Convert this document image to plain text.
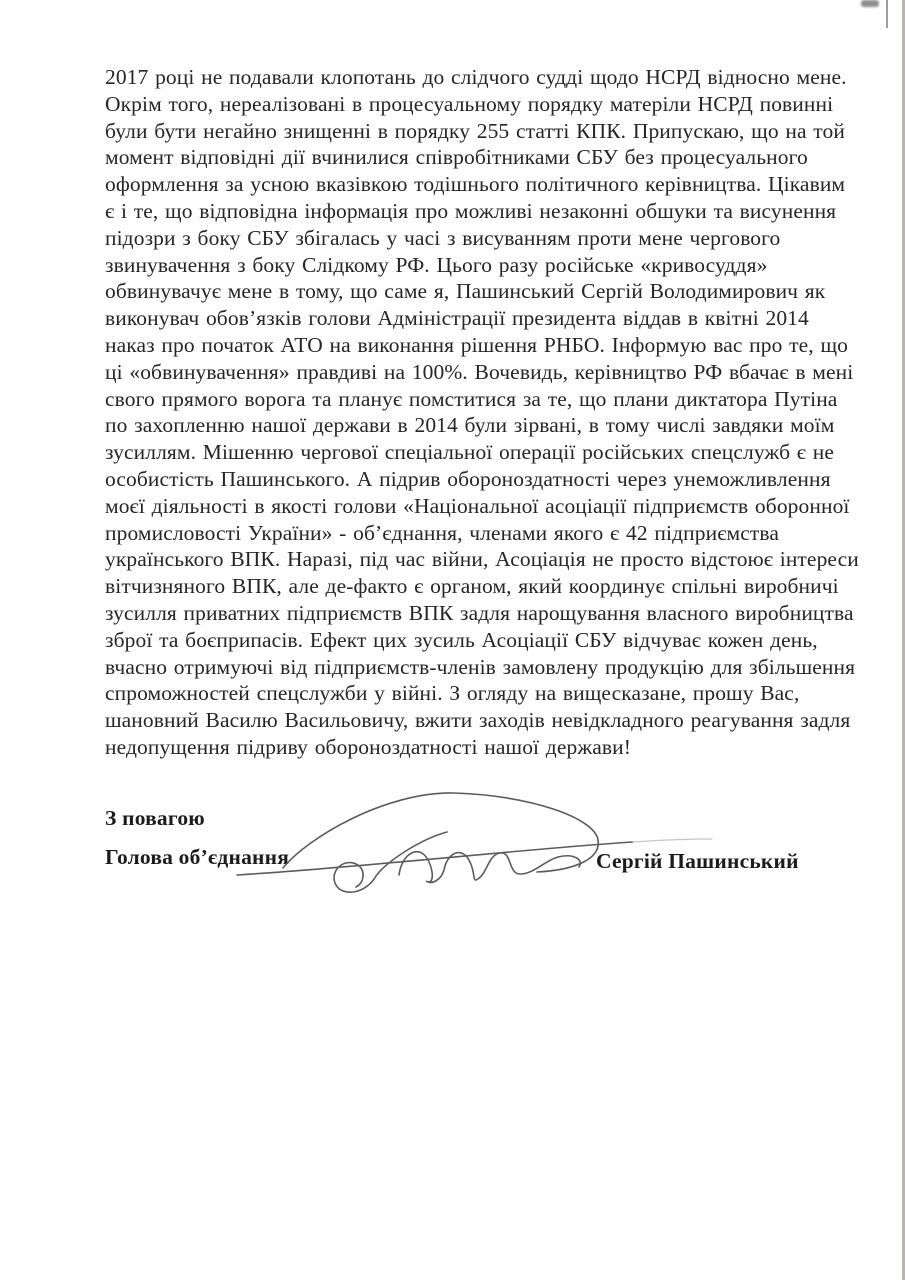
2017 році не подавали клопотань до слідчого судді щодо НСРД відносно мене.
Окрім того, нереалізовані в процесуальному порядку матеріли НСРД повинні
були бути негайно знищенні в порядку 255 статті КПК. Припускаю, що на той
момент відповідні дії вчинилися співробітниками СБУ без процесуального
оформлення за усною вказівкою тодішнього політичного керівництва. Цікавим
є і те, що відповідна інформація про можливі незаконні обшуки та висунення
підозри з боку СБУ збігалась у часі з висуванням проти мене чергового
звинувачення з боку Слідкому РФ. Цього разу російське «кривосуддя»
обвинувачує мене в тому, що саме я, Пашинський Сергій Володимирович як
виконувач обов’язків голови Адміністрації президента віддав в квітні 2014
наказ про початок АТО на виконання рішення РНБО. Інформую вас про те, що
ці «обвинувачення» правдиві на 100%. Вочевидь, керівництво РФ вбачає в мені
свого прямого ворога та планує помститися за те, що плани диктатора Путіна
по захопленню нашої держави в 2014 були зірвані, в тому числі завдяки моїм
зусиллям. Мішенню чергової спеціальної операції російських спецслужб є не
особистість Пашинського. А підрив обороноздатності через унеможливлення
моєї діяльності в якості голови «Національної асоціації підприємств оборонної
промисловості України» - об’єднання, членами якого є 42 підприємства
українського ВПК. Наразі, під час війни, Асоціація не просто відстоює інтереси
вітчизняного ВПК, але де-факто є органом, який координує спільні виробничі
зусилля приватних підприємств ВПК задля нарощування власного виробництва
зброї та боєприпасів. Ефект цих зусиль Асоціації СБУ відчуває кожен день,
вчасно отримуючі від підприємств-членів замовлену продукцію для збільшення
спроможностей спецслужби у війні. З огляду на вищесказане, прошу Вас,
шановний Василю Васильовичу, вжити заходів невідкладного реагування задля
недопущення підриву обороноздатності нашої держави!
З повагою
Голова об’єднання	Сергій Пашинський
